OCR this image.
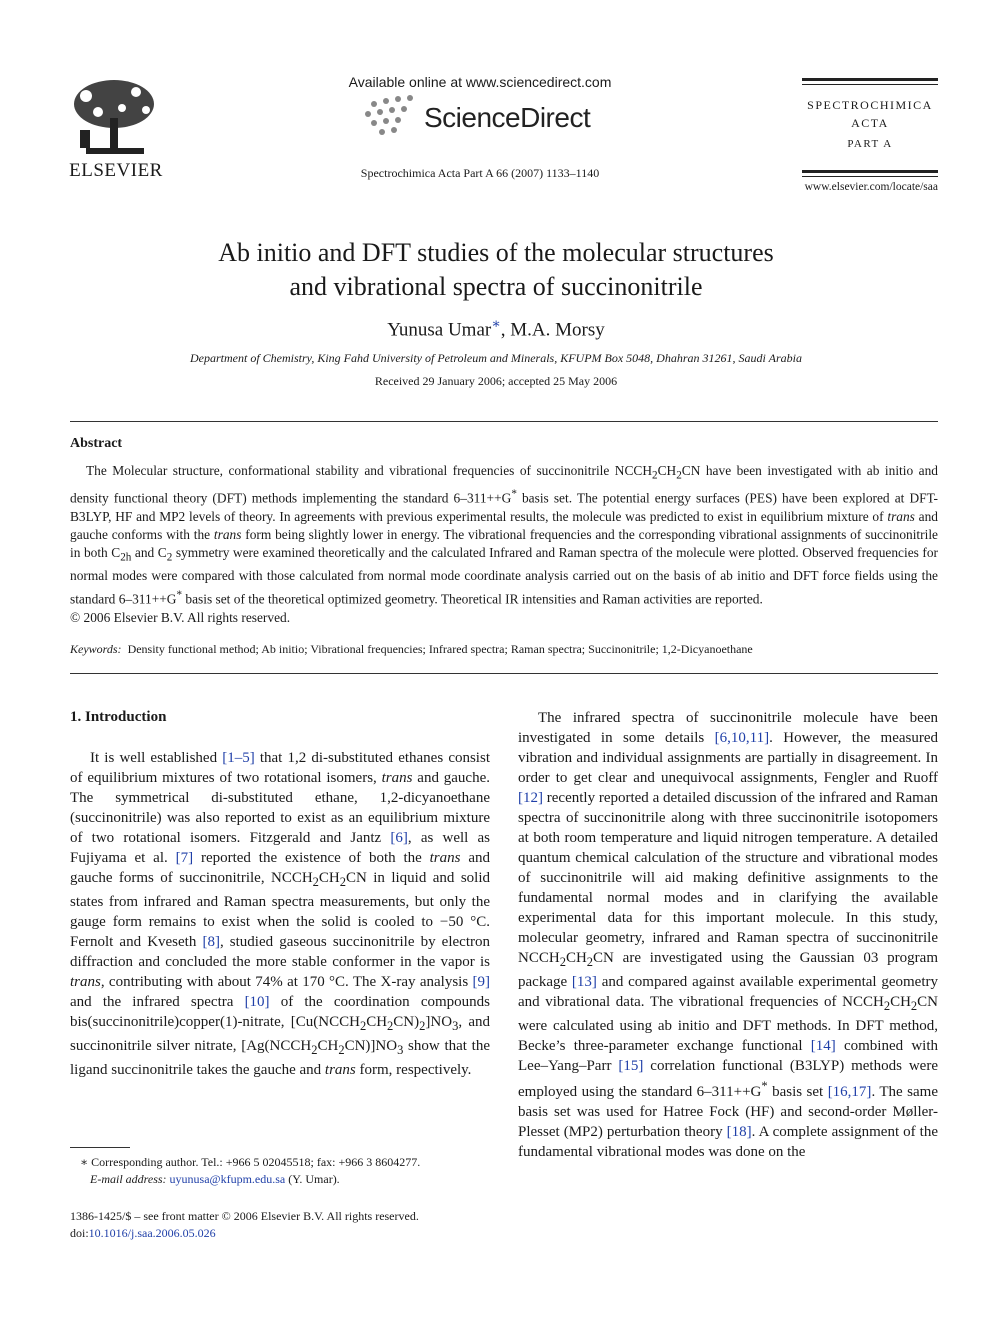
ELSEVIER
Available online at www.sciencedirect.com
ScienceDirect
Spectrochimica Acta Part A 66 (2007) 1133–1140
SPECTROCHIMICA
ACTA
PART A
www.elsevier.com/locate/saa
Ab initio and DFT studies of the molecular structures
and vibrational spectra of succinonitrile
Yunusa Umar∗, M.A. Morsy
Department of Chemistry, King Fahd University of Petroleum and Minerals, KFUPM Box 5048, Dhahran 31261, Saudi Arabia
Received 29 January 2006; accepted 25 May 2006
Abstract

The Molecular structure, conformational stability and vibrational frequencies of succinonitrile $NCCH_2CH_2CN$ have been investigated with ab initio and density functional theory (DFT) methods implementing the standard 6–311++G* basis set. The potential energy surfaces (PES) have been explored at DFT-B3LYP, HF and MP2 levels of theory. In agreements with previous experimental results, the molecule was predicted to exist in equilibrium mixture of trans and gauche conforms with the trans form being slightly lower in energy. The vibrational frequencies and the corresponding vibrational assignments of succinonitrile in both $C_{2h}$ and $C_2$ symmetry were examined theoretically and the calculated Infrared and Raman spectra of the molecule were plotted. Observed frequencies for normal modes were compared with those calculated from normal mode coordinate analysis carried out on the basis of ab initio and DFT force fields using the standard 6–311++G* basis set of the theoretical optimized geometry. Theoretical IR intensities and Raman activities are reported.

© 2006 Elsevier B.V. All rights reserved.
Keywords: Density functional method; Ab initio; Vibrational frequencies; Infrared spectra; Raman spectra; Succinonitrile; 1,2-Dicyanoethane
1. Introduction

It is well established [1–5] that 1,2 di-substituted ethanes consist of equilibrium mixtures of two rotational isomers, trans and gauche. The symmetrical di-substituted ethane, 1,2-dicyanoethane (succinonitrile) was also reported to exist as an equilibrium mixture of two rotational isomers. Fitzgerald and Jantz [6], as well as Fujiyama et al. [7] reported the existence of both the trans and gauche forms of succinonitrile, $NCCH_2CH_2CN$ in liquid and solid states from infrared and Raman spectra measurements, but only the gauge form remains to exist when the solid is cooled to −50 °C. Fernolt and Kveseth [8], studied gaseous succinonitrile by electron diffraction and concluded the more stable conformer in the vapor is trans, contributing with about 74% at 170 °C. The X-ray analysis [9] and the infrared spectra [10] of the coordination compounds bis(succinonitrile)copper(1)-nitrate, $[Cu(NCCH_2CH_2CN)_2]NO_3$, and succinonitrile silver nitrate, $[Ag(NCCH_2CH_2CN)]NO_3$ show that the ligand succinonitrile takes the gauche and trans form, respectively.

The infrared spectra of succinonitrile molecule have been investigated in some details [6,10,11]. However, the measured vibration and individual assignments are partially in disagreement. In order to get clear and unequivocal assignments, Fengler and Ruoff [12] recently reported a detailed discussion of the infrared and Raman spectra of succinonitrile along with three succinonitrile isotopomers at both room temperature and liquid nitrogen temperature. A detailed quantum chemical calculation of the structure and vibrational modes of succinonitrile will aid making definitive assignments to the fundamental normal modes and in clarifying the available experimental data for this important molecule. In this study, molecular geometry, infrared and Raman spectra of succinonitrile $NCCH_2CH_2CN$ are investigated using the Gaussian 03 program package [13] and compared against available experimental geometry and vibrational data. The vibrational frequencies of $NCCH_2CH_2CN$ were calculated using ab initio and DFT methods. In DFT method, Becke’s three-parameter exchange functional [14] combined with Lee–Yang–Parr [15] correlation functional (B3LYP) methods were employed using the standard 6–311++G* basis set [16,17]. The same basis set was used for Hatree Fock (HF) and second-order Møller-Plesset (MP2) perturbation theory [18]. A complete assignment of the fundamental vibrational modes was done on the

∗ Corresponding author. Tel.: +966 5 02045518; fax: +966 3 8604277.
E-mail address: uyunusa@kfupm.edu.sa (Y. Umar).
1386-1425/$ – see front matter © 2006 Elsevier B.V. All rights reserved.
doi:10.1016/j.saa.2006.05.026
